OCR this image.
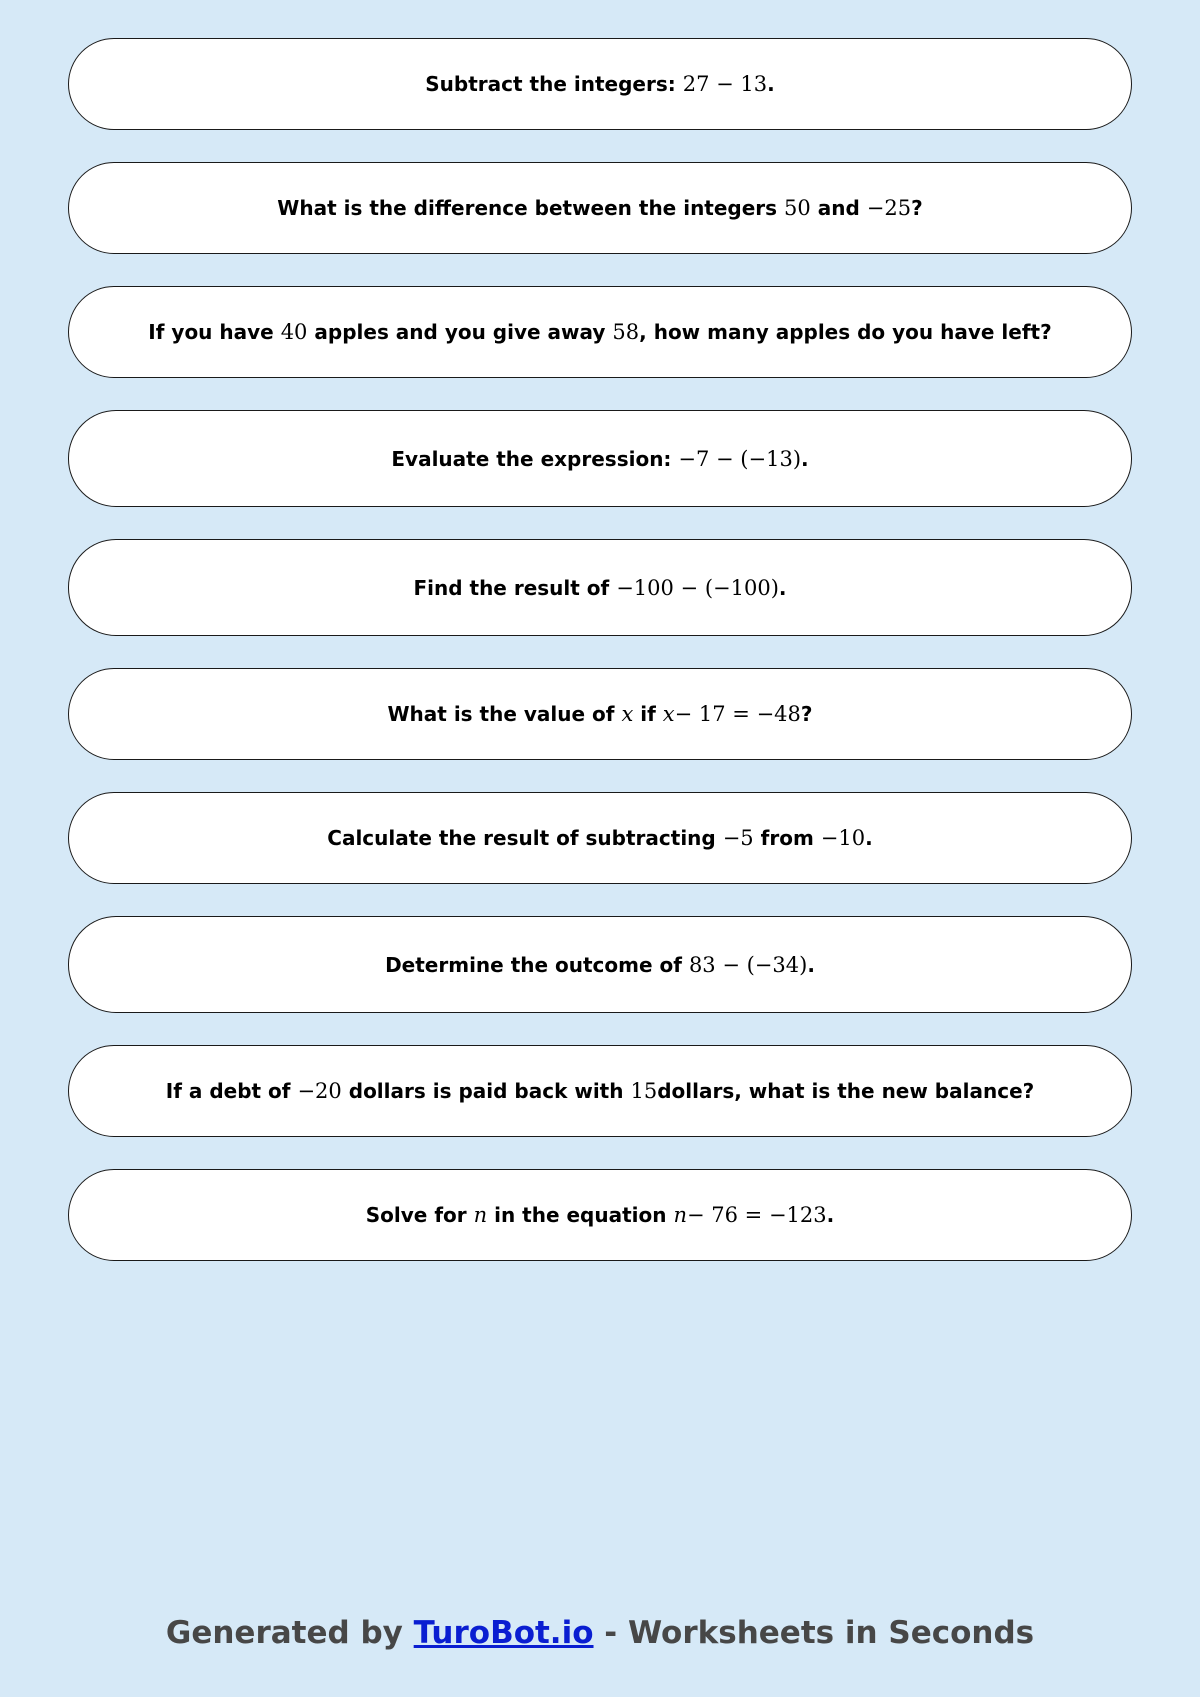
Subtract the integers:
27 − 13 .
What is the difference between the integers
50
and
−25 ?
If you have
40
apples and you give away
58 , how many apples do you have left?
Evaluate the expression:
−7 − (−13) .
Find the result of
−100 − (−100) .
What is the value of
x
if
x − 17 = −48 ?
Calculate the result of subtracting
−5
from
−10 .
Determine the outcome of
83 − (−34) .
If a debt of
−20
dollars is paid back with
15 dollars, what is the new balance?
Solve for
n
in the equation
n − 76 = −123 .
Generated by TuroBot.io - Worksheets in Seconds
